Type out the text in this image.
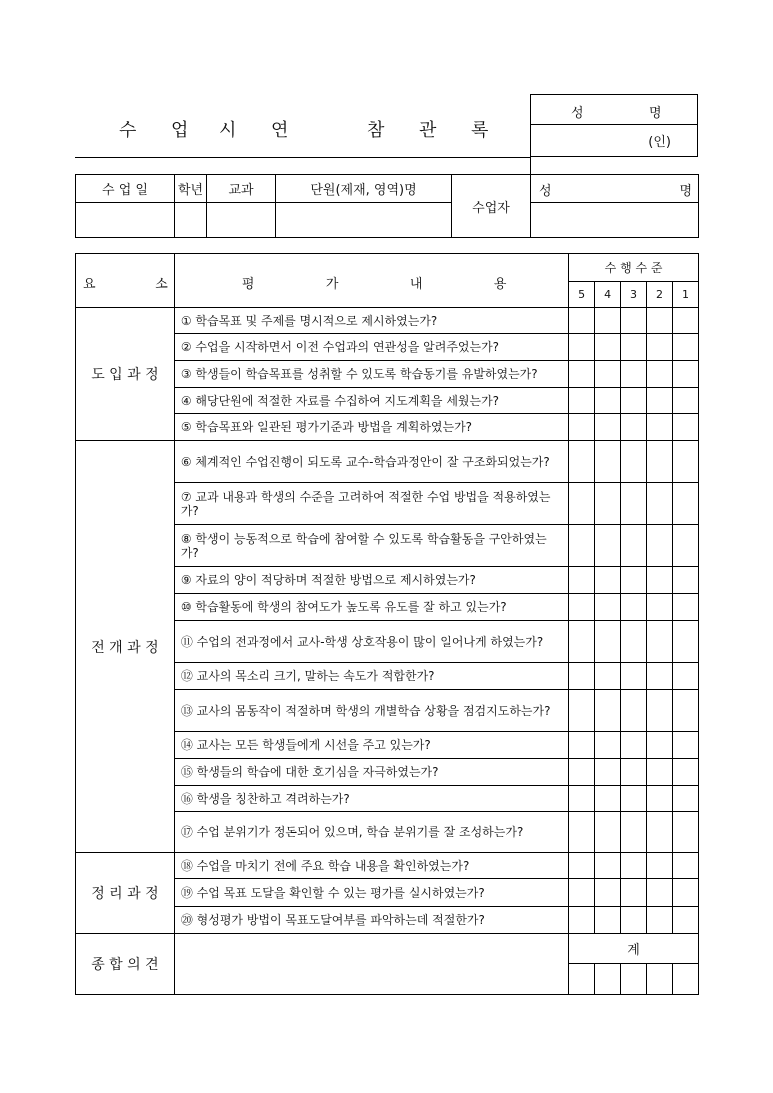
수 업 시 연	참 관 록
성	명

(인)
수 업 일	학년	교과	단원(제재, 영역)명	수업자	성 명

요 소	평 가 내 용	수 행 수 준				
		5	4	3	2	1
도 입 과 정	① 학습목표 및 주제를 명시적으로 제시하였는가?					
	② 수업을 시작하면서 이전 수업과의 연관성을 알려주었는가?					
	③ 학생들이 학습목표를 성취할 수 있도록 학습동기를 유발하였는가?					
	④ 해당단원에 적절한 자료를 수집하여 지도계획을 세웠는가?					
	⑤ 학습목표와 일관된 평가기준과 방법을 계획하였는가?					
전 개 과 정	⑥ 체계적인 수업진행이 되도록 교수-학습과정안이 잘 구조화되었는가?					
	⑦ 교과 내용과 학생의 수준을 고려하여 적절한 수업 방법을 적용하였는가?					
	⑧ 학생이 능동적으로 학습에 참여할 수 있도록 학습활동을 구안하였는가?					
	⑨ 자료의 양이 적당하며 적절한 방법으로 제시하였는가?					
	⑩ 학습활동에 학생의 참여도가 높도록 유도를 잘 하고 있는가?					
	⑪ 수업의 전과정에서 교사-학생 상호작용이 많이 일어나게 하였는가?					
	⑫ 교사의 목소리 크기, 말하는 속도가 적합한가?					
	⑬ 교사의 몸동작이 적절하며 학생의 개별학습 상황을 점검지도하는가?					
	⑭ 교사는 모든 학생들에게 시선을 주고 있는가?					
	⑮ 학생들의 학습에 대한 호기심을 자극하였는가?					
	⑯ 학생을 칭찬하고 격려하는가?					
	⑰ 수업 분위기가 정돈되어 있으며, 학습 분위기를 잘 조성하는가?					
정 리 과 정	⑱ 수업을 마치기 전에 주요 학습 내용을 확인하였는가?					
	⑲ 수업 목표 도달을 확인할 수 있는 평가를 실시하였는가?					
	⑳ 형성평가 방법이 목표도달여부를 파악하는데 적절한가?					
종 합 의 견		계				
